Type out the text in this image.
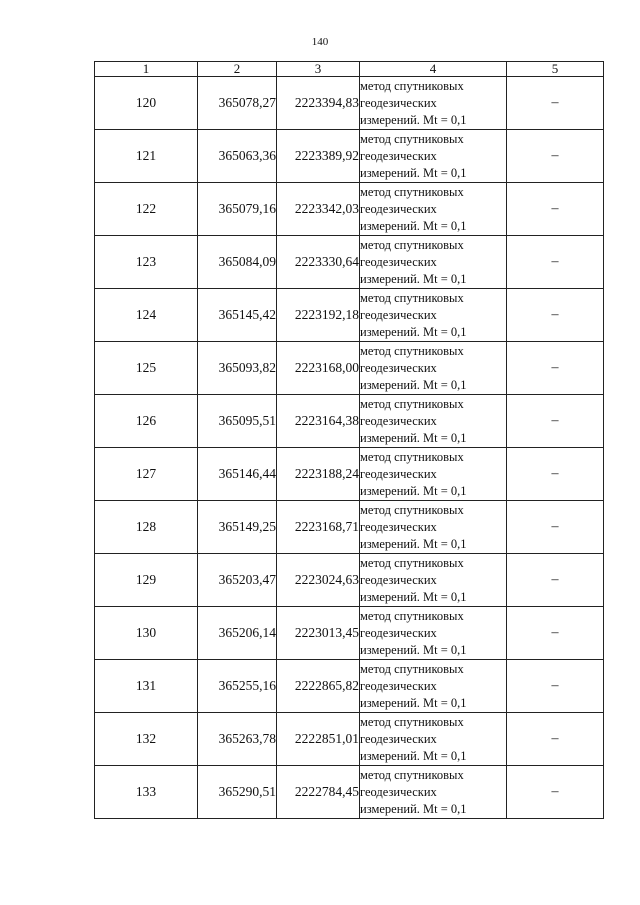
140
1	2	3	4	5
120	365078,27	2223394,83	метод спутниковых
геодезических
измерений. Mt = 0,1	–
121	365063,36	2223389,92	метод спутниковых
геодезических
измерений. Mt = 0,1	–
122	365079,16	2223342,03	метод спутниковых
геодезических
измерений. Mt = 0,1	–
123	365084,09	2223330,64	метод спутниковых
геодезических
измерений. Mt = 0,1	–
124	365145,42	2223192,18	метод спутниковых
геодезических
измерений. Mt = 0,1	–
125	365093,82	2223168,00	метод спутниковых
геодезических
измерений. Mt = 0,1	–
126	365095,51	2223164,38	метод спутниковых
геодезических
измерений. Mt = 0,1	–
127	365146,44	2223188,24	метод спутниковых
геодезических
измерений. Mt = 0,1	–
128	365149,25	2223168,71	метод спутниковых
геодезических
измерений. Mt = 0,1	–
129	365203,47	2223024,63	метод спутниковых
геодезических
измерений. Mt = 0,1	–
130	365206,14	2223013,45	метод спутниковых
геодезических
измерений. Mt = 0,1	–
131	365255,16	2222865,82	метод спутниковых
геодезических
измерений. Mt = 0,1	–
132	365263,78	2222851,01	метод спутниковых
геодезических
измерений. Mt = 0,1	–
133	365290,51	2222784,45	метод спутниковых
геодезических
измерений. Mt = 0,1	–
